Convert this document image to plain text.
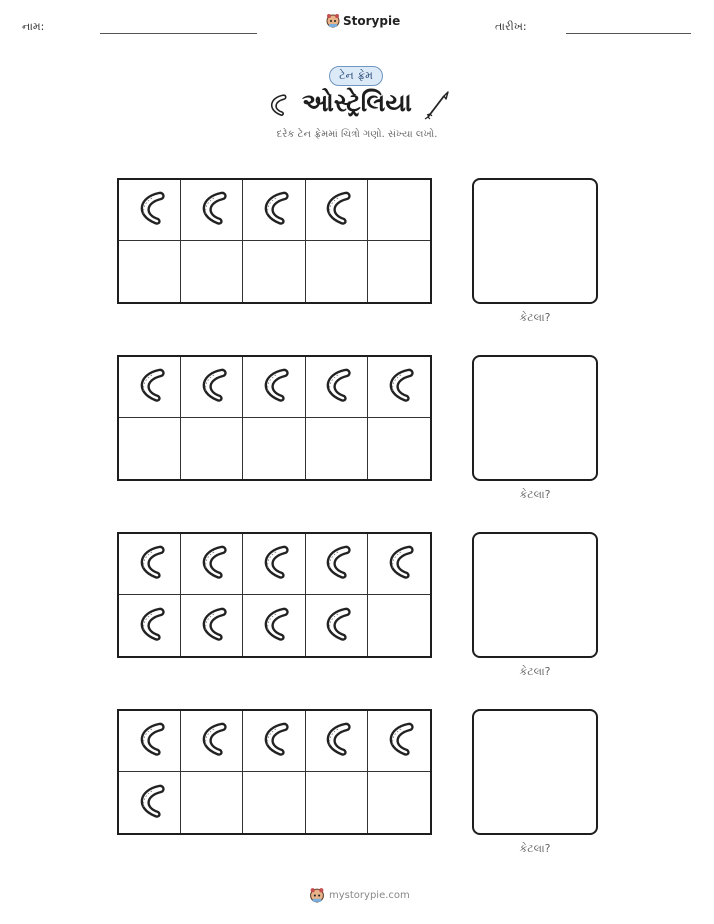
નામ:	Storypie	તારીખ:
ટેન ફ્રેમ
ઓસ્ટ્રેલિયા
દરેક ટેન ફ્રેમમાં ચિત્રો ગણો. સંખ્યા લખો.
કેટલા?
કેટલા?
કેટલા?
કેટલા?
mystorypie.com
